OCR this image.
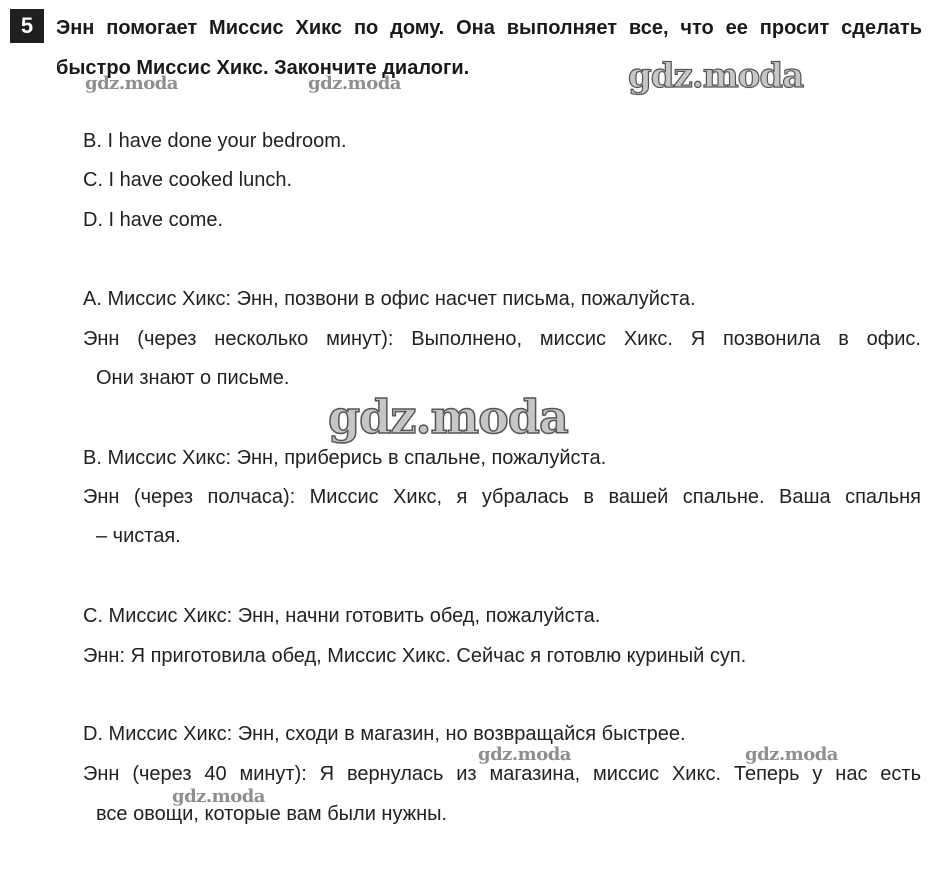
5	Энн помогает Миссис Хикс по дому. Она выполняет все, что ее просит сделать быстро Миссис Хикс. Закончите диалоги.
B. I have done your bedroom.
C. I have cooked lunch.
D. I have come.
A. Миссис Хикс: Энн, позвони в офис насчет письма, пожалуйста.
Энн (через несколько минут): Выполнено, миссис Хикс. Я позвонила в офис.
Они знают о письме.
B. Миссис Хикс: Энн, приберись в спальне, пожалуйста.
Энн (через полчаса): Миссис Хикс, я убралась в вашей спальне. Ваша спальня
– чистая.
C. Миссис Хикс: Энн, начни готовить обед, пожалуйста.
Энн: Я приготовила обед, Миссис Хикс. Сейчас я готовлю куриный суп.
D. Миссис Хикс: Энн, сходи в магазин, но возвращайся быстрее.
Энн (через 40 минут): Я вернулась из магазина, миссис Хикс. Теперь у нас есть
все овощи, которые вам были нужны.
gdz.moda	gdz.moda	gdz.moda
gdz.moda
gdz.moda	gdz.moda
gdz.moda
